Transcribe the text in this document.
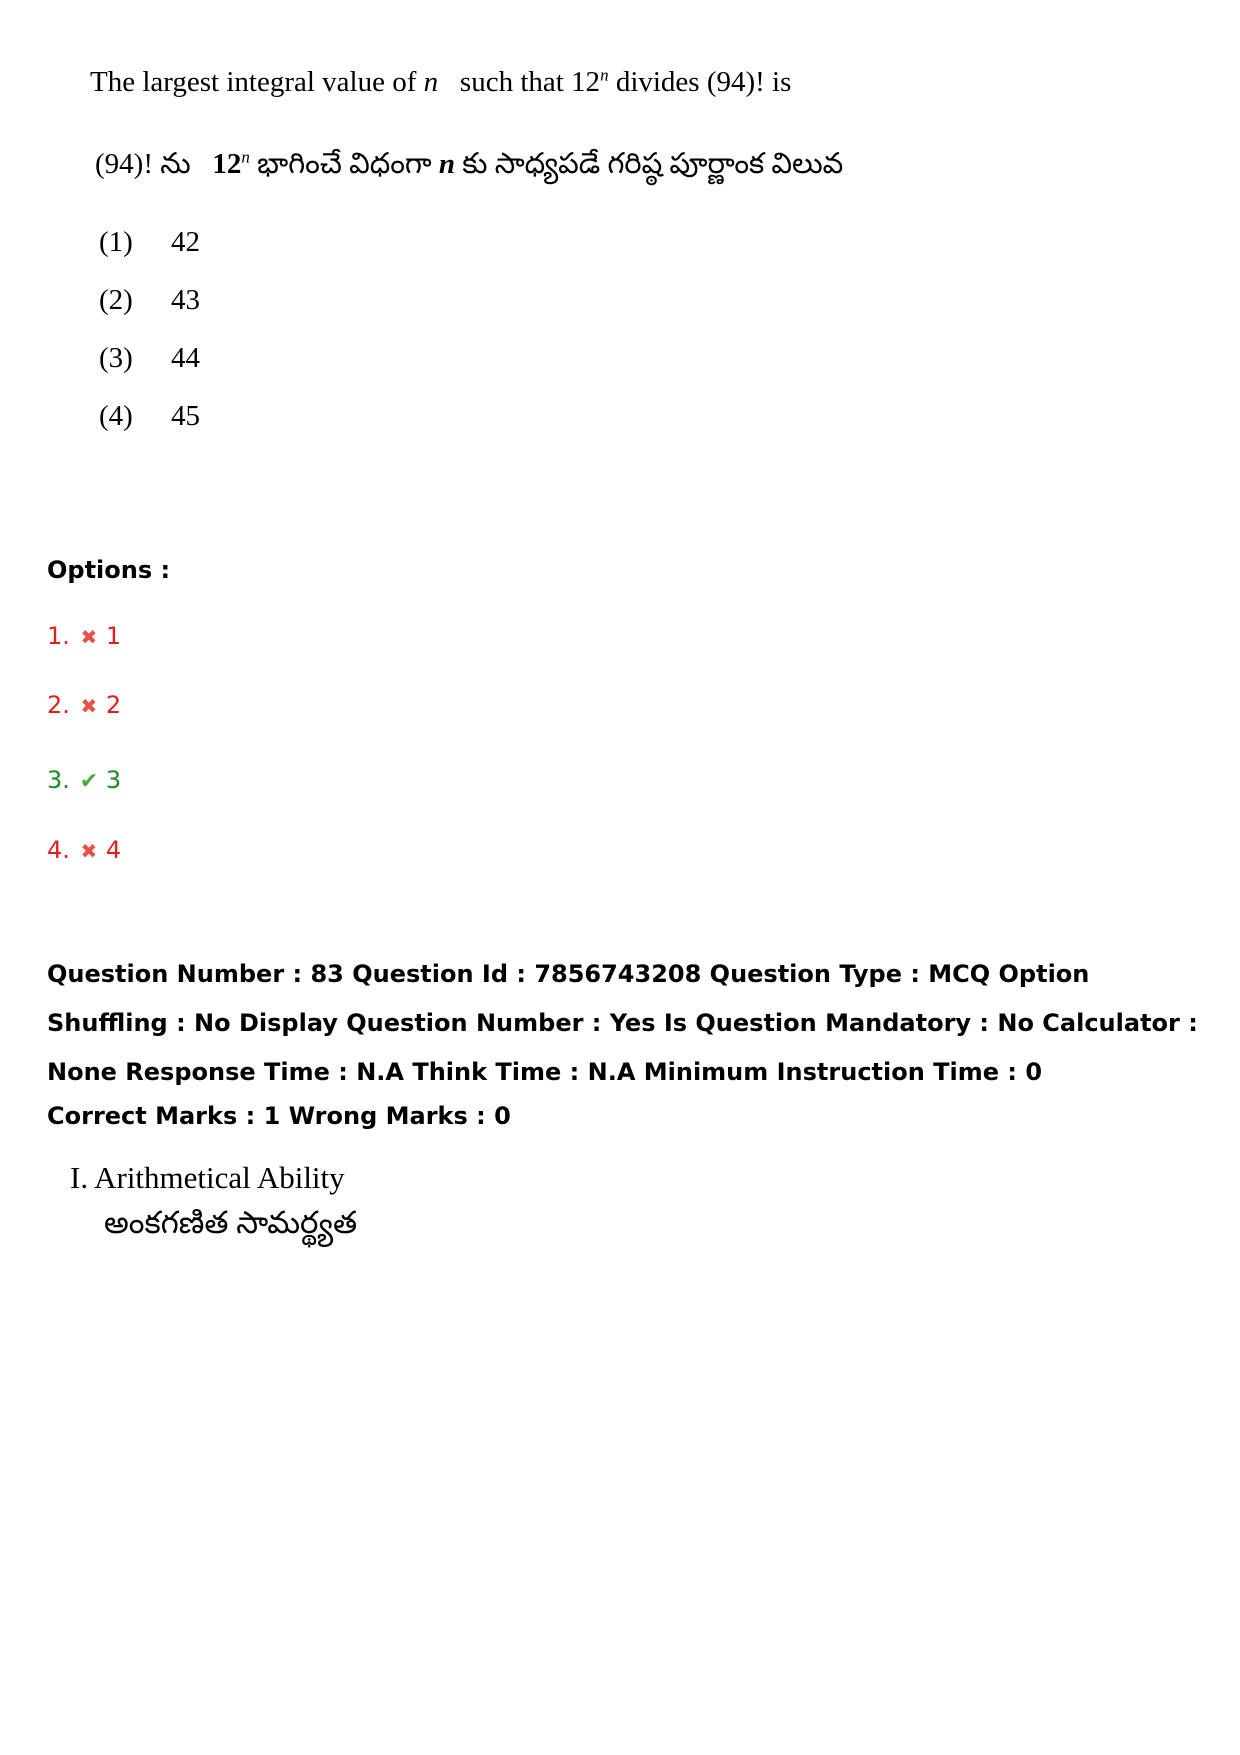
The largest integral value of n   such that 12$^n$ divides (94)! is
(94)! ను   12$^n$ భాగించే విధంగా n కు సాధ్యపడే గరిష్ఠ పూర్ణాంక విలువ
(1) 42
(2) 43
(3) 44
(4) 45
Options :
1. ✖ 1
2. ✖ 2
3. ✔ 3
4. ✖ 4
Question Number : 83 Question Id : 7856743208 Question Type : MCQ Option Shuffling : No Display Question Number : Yes Is Question Mandatory : No Calculator : None Response Time : N.A Think Time : N.A Minimum Instruction Time : 0
Correct Marks : 1 Wrong Marks : 0
I. Arithmetical Ability
అంకగణిత సామర్థ్యత
